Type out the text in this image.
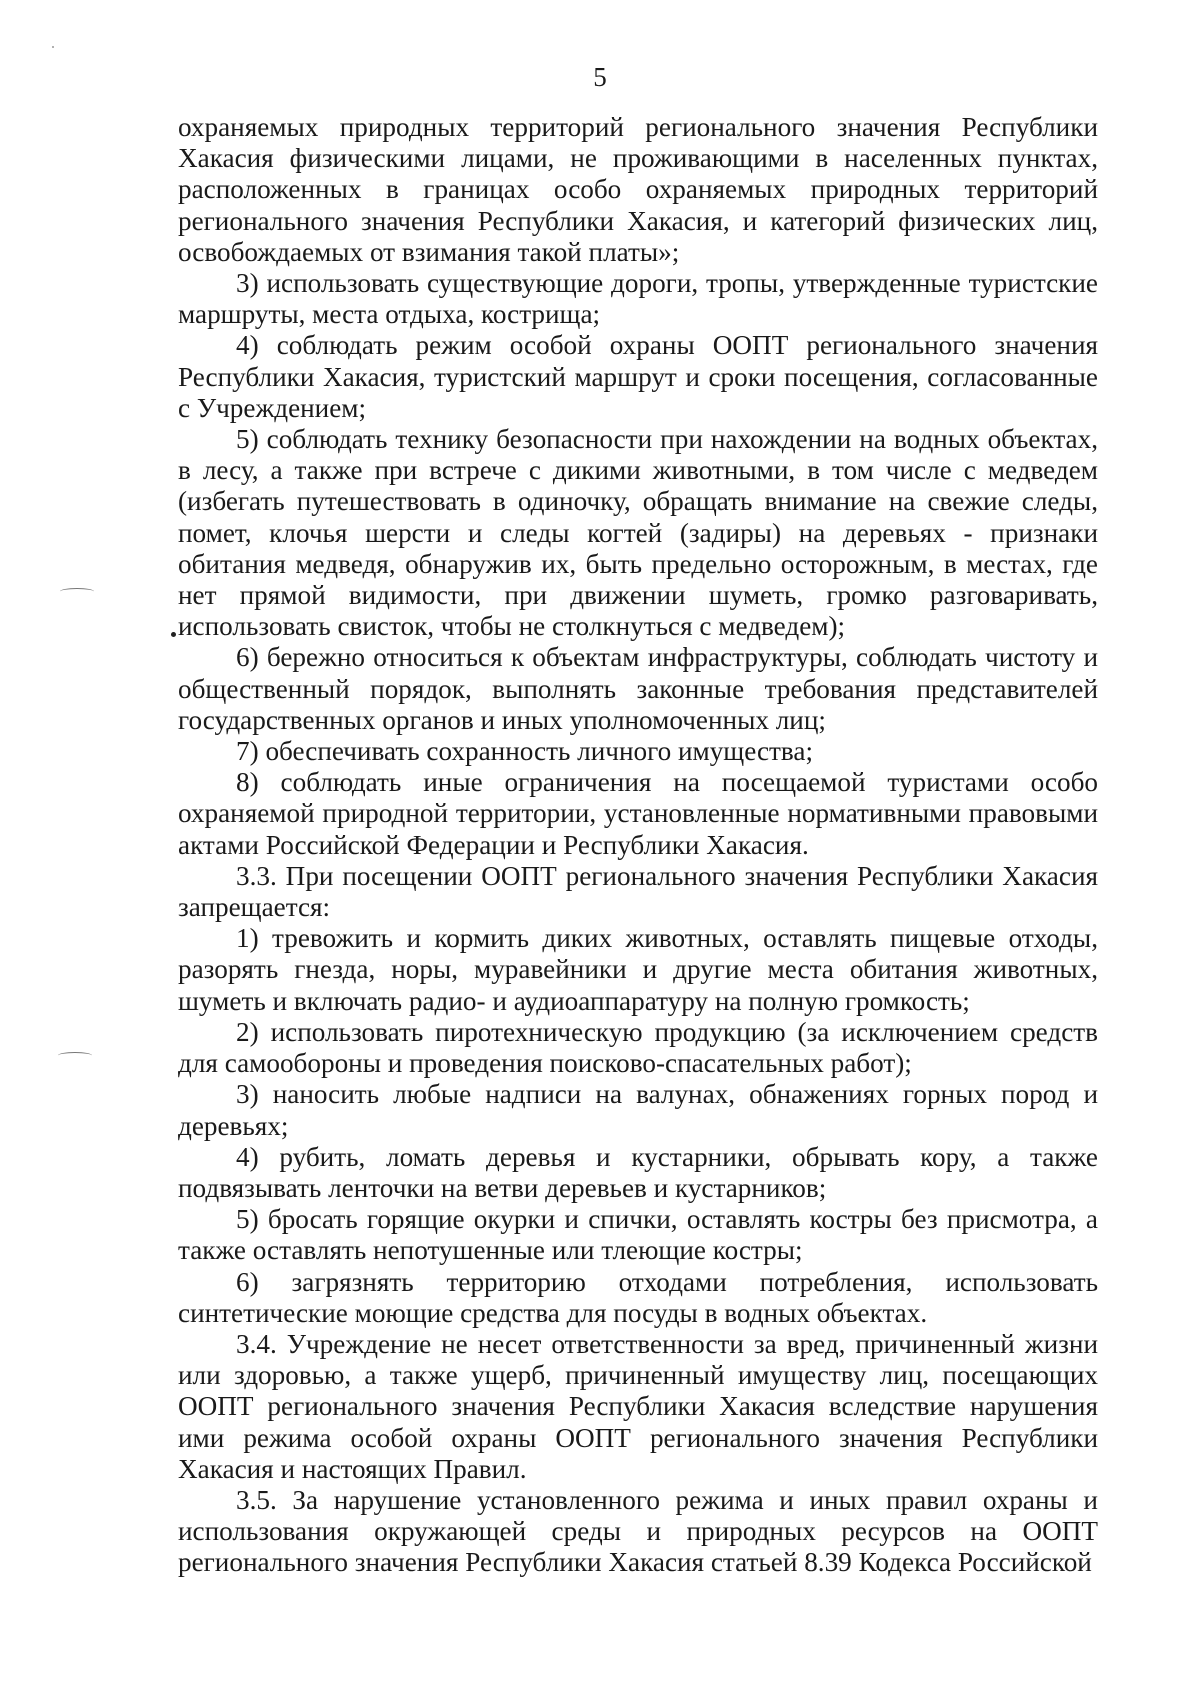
5

охраняемых природных территорий регионального значения Республики Хакасия физическими лицами, не проживающими в населенных пунктах, расположенных в границах особо охраняемых природных территорий регионального значения Республики Хакасия, и категорий физических лиц, освобождаемых от взимания такой платы»;

3) использовать существующие дороги, тропы, утвержденные туристские маршруты, места отдыха, кострища;

4) соблюдать режим особой охраны ООПТ регионального значения Республики Хакасия, туристский маршрут и сроки посещения, согласованные с Учреждением;

5) соблюдать технику безопасности при нахождении на водных объектах, в лесу, а также при встрече с дикими животными, в том числе с медведем (избегать путешествовать в одиночку, обращать внимание на свежие следы, помет, клочья шерсти и следы когтей (задиры) на деревьях - признаки обитания медведя, обнаружив их, быть предельно осторожным, в местах, где нет прямой видимости, при движении шуметь, громко разговаривать, использовать свисток, чтобы не столкнуться с медведем);

6) бережно относиться к объектам инфраструктуры, соблюдать чистоту и общественный порядок, выполнять законные требования представителей государственных органов и иных уполномоченных лиц;

7) обеспечивать сохранность личного имущества;

8) соблюдать иные ограничения на посещаемой туристами особо охраняемой природной территории, установленные нормативными правовыми актами Российской Федерации и Республики Хакасия.

3.3. При посещении ООПТ регионального значения Республики Хакасия запрещается:

1) тревожить и кормить диких животных, оставлять пищевые отходы, разорять гнезда, норы, муравейники и другие места обитания животных, шуметь и включать радио- и аудиоаппаратуру на полную громкость;

2) использовать пиротехническую продукцию (за исключением средств для самообороны и проведения поисково-спасательных работ);

3) наносить любые надписи на валунах, обнажениях горных пород и деревьях;

4) рубить, ломать деревья и кустарники, обрывать кору, а также подвязывать ленточки на ветви деревьев и кустарников;

5) бросать горящие окурки и спички, оставлять костры без присмотра, а также оставлять непотушенные или тлеющие костры;

6) загрязнять территорию отходами потребления, использовать синтетические моющие средства для посуды в водных объектах.

3.4. Учреждение не несет ответственности за вред, причиненный жизни или здоровью, а также ущерб, причиненный имуществу лиц, посещающих ООПТ регионального значения Республики Хакасия вследствие нарушения ими режима особой охраны ООПТ регионального значения Республики Хакасия и настоящих Правил.

3.5. За нарушение установленного режима и иных правил охраны и использования окружающей среды и природных ресурсов на ООПТ регионального значения Республики Хакасия статьей 8.39 Кодекса Российской
